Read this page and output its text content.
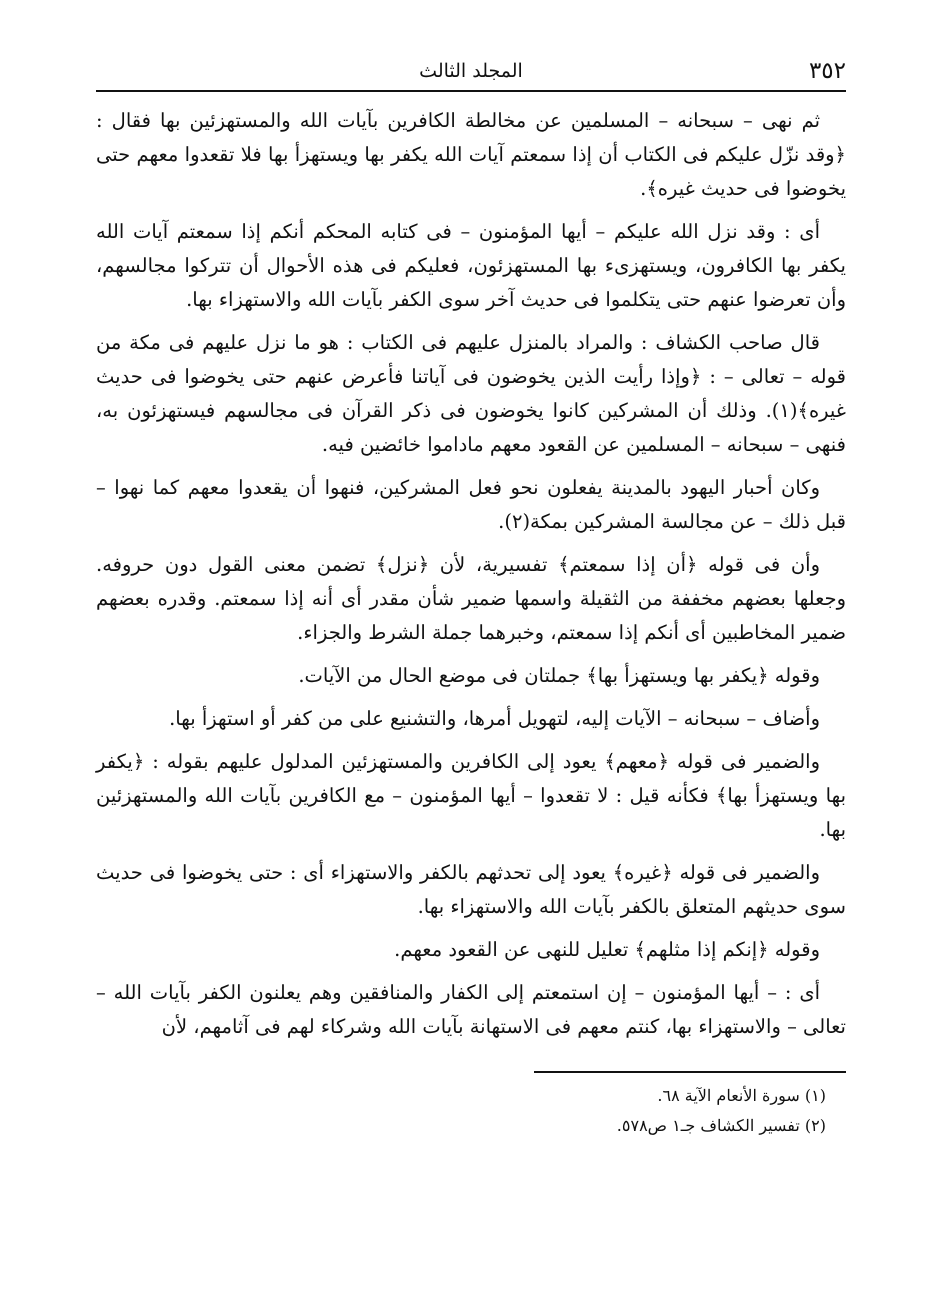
٣٥٢
المجلد الثالث

ثم نهى – سبحانه – المسلمين عن مخالطة الكافرين بآيات الله والمستهزئين بها فقال : ﴿وقد نزّل عليكم فى الكتاب أن إذا سمعتم آيات الله يكفر بها ويستهزأ بها فلا تقعدوا معهم حتى يخوضوا فى حديث غيره﴾.

أى : وقد نزل الله عليكم – أيها المؤمنون – فى كتابه المحكم أنكم إذا سمعتم آيات الله يكفر بها الكافرون، ويستهزىء بها المستهزئون، فعليكم فى هذه الأحوال أن تتركوا مجالسهم، وأن تعرضوا عنهم حتى يتكلموا فى حديث آخر سوى الكفر بآيات الله والاستهزاء بها.

قال صاحب الكشاف : والمراد بالمنزل عليهم فى الكتاب : هو ما نزل عليهم فى مكة من قوله – تعالى – : ﴿وإذا رأيت الذين يخوضون فى آياتنا فأعرض عنهم حتى يخوضوا فى حديث غيره﴾(١). وذلك أن المشركين كانوا يخوضون فى ذكر القرآن فى مجالسهم فيستهزئون به، فنهى – سبحانه – المسلمين عن القعود معهم ماداموا خائضين فيه.

وكان أحبار اليهود بالمدينة يفعلون نحو فعل المشركين، فنهوا أن يقعدوا معهم كما نهوا – قبل ذلك – عن مجالسة المشركين بمكة(٢).

وأن فى قوله ﴿أن إذا سمعتم﴾ تفسيرية، لأن ﴿نزل﴾ تضمن معنى القول دون حروفه. وجعلها بعضهم مخففة من الثقيلة واسمها ضمير شأن مقدر أى أنه إذا سمعتم. وقدره بعضهم ضمير المخاطبين أى أنكم إذا سمعتم، وخبرهما جملة الشرط والجزاء.

وقوله ﴿يكفر بها ويستهزأ بها﴾ جملتان فى موضع الحال من الآيات.

وأضاف – سبحانه – الآيات إليه، لتهويل أمرها، والتشنيع على من كفر أو استهزأ بها.

والضمير فى قوله ﴿معهم﴾ يعود إلى الكافرين والمستهزئين المدلول عليهم بقوله : ﴿يكفر بها ويستهزأ بها﴾ فكأنه قيل : لا تقعدوا – أيها المؤمنون – مع الكافرين بآيات الله والمستهزئين بها.

والضمير فى قوله ﴿غيره﴾ يعود إلى تحدثهم بالكفر والاستهزاء أى : حتى يخوضوا فى حديث سوى حديثهم المتعلق بالكفر بآيات الله والاستهزاء بها.

وقوله ﴿إنكم إذا مثلهم﴾ تعليل للنهى عن القعود معهم.

أى : – أيها المؤمنون – إن استمعتم إلى الكفار والمنافقين وهم يعلنون الكفر بآيات الله – تعالى – والاستهزاء بها، كنتم معهم فى الاستهانة بآيات الله وشركاء لهم فى آثامهم، لأن

(١) سورة الأنعام الآية ٦٨.
(٢) تفسير الكشاف جـ١ ص٥٧٨.
